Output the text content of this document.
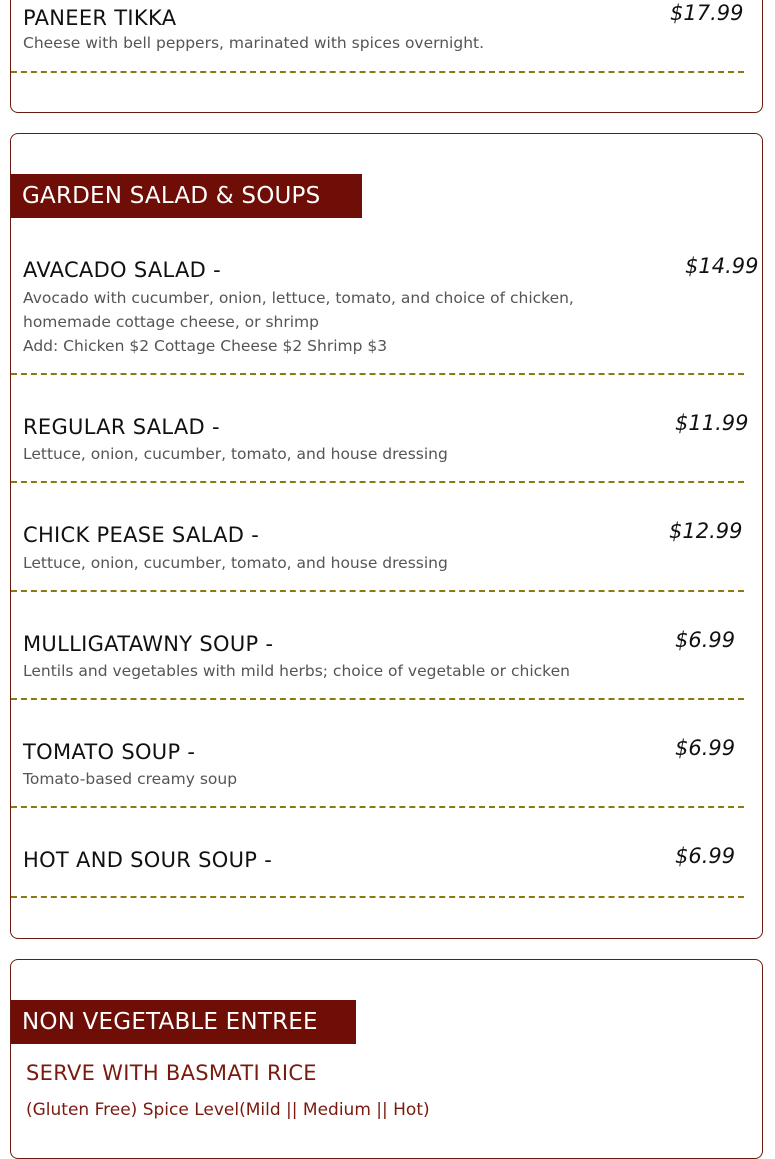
PANEER TIKKA
Cheese with bell peppers, marinated with spices overnight.
$17.99
GARDEN SALAD & SOUPS
AVACADO SALAD -
Avocado with cucumber, onion, lettuce, tomato, and choice of chicken, homemade cottage cheese, or shrimp
Add: Chicken $2 Cottage Cheese $2 Shrimp $3
$14.99
REGULAR SALAD -
Lettuce, onion, cucumber, tomato, and house dressing
$11.99
CHICK PEASE SALAD -
Lettuce, onion, cucumber, tomato, and house dressing
$12.99
MULLIGATAWNY SOUP -
Lentils and vegetables with mild herbs; choice of vegetable or chicken
$6.99
TOMATO SOUP -
Tomato-based creamy soup
$6.99
HOT AND SOUR SOUP -	$6.99
NON VEGETABLE ENTREE
SERVE WITH BASMATI RICE
(Gluten Free) Spice Level(Mild || Medium || Hot)
